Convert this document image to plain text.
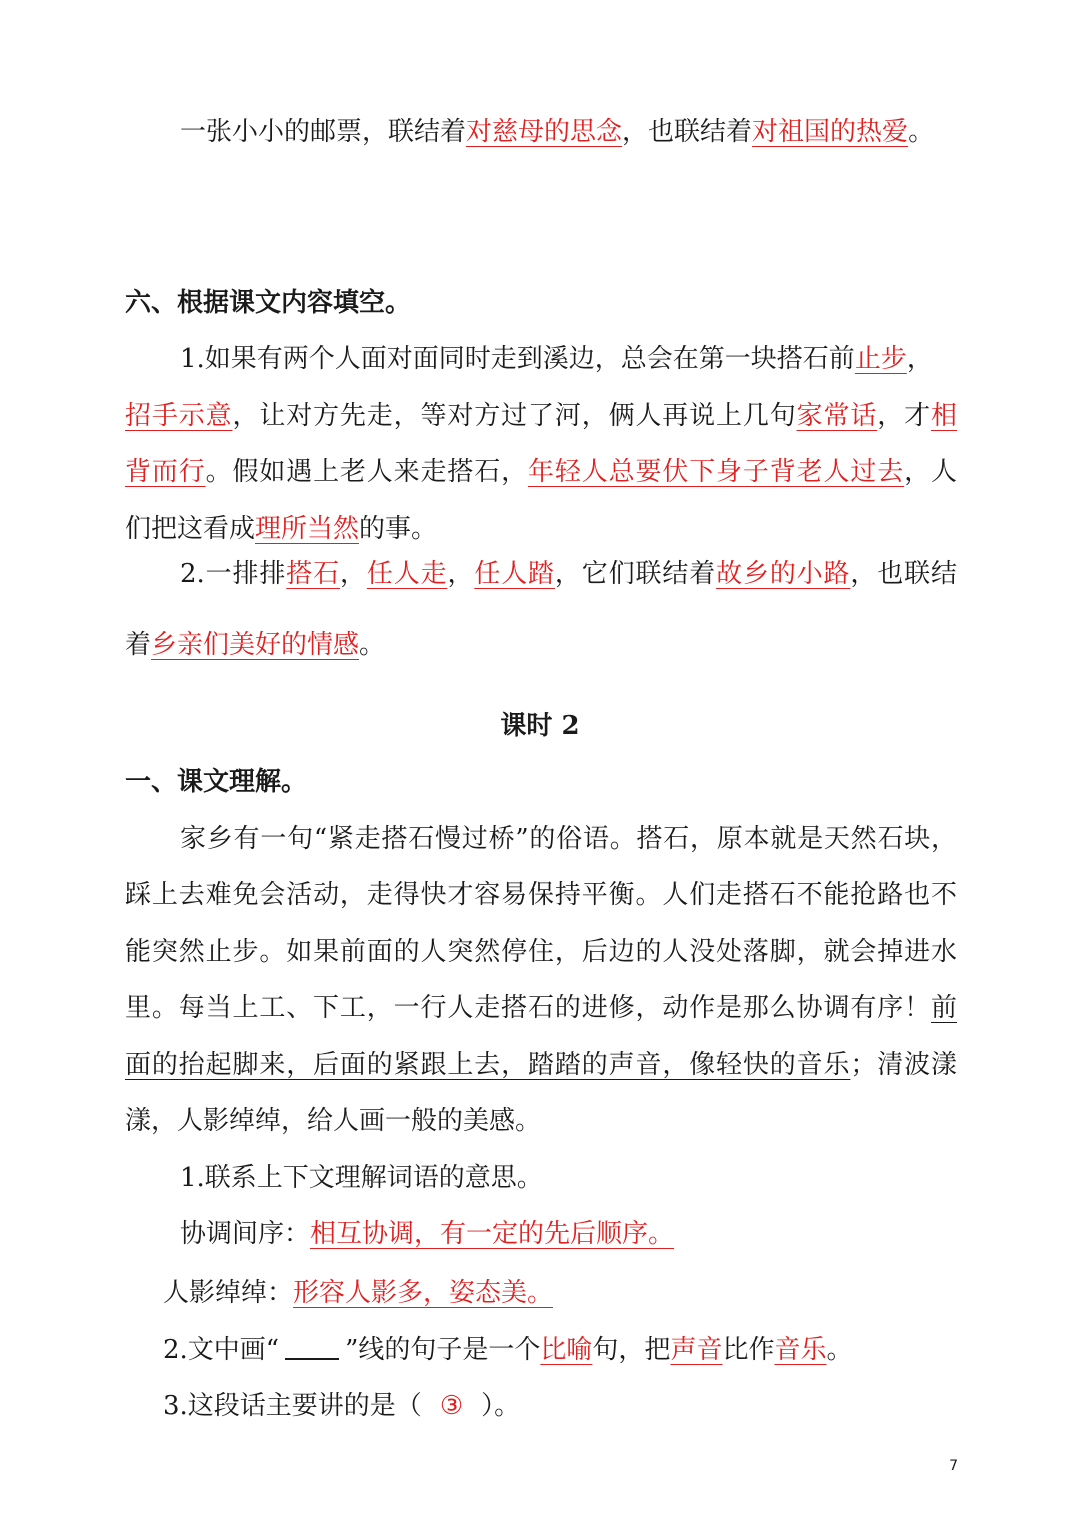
一张小小的邮票，联结着对慈母的思念，也联结着对祖国的热爱。
六、根据课文内容填空。
1.如果有两个人面对面同时走到溪边，总会在第一块搭石前止步，
招手示意，让对方先走，等对方过了河，俩人再说上几句家常话，才相
背而行。假如遇上老人来走搭石，年轻人总要伏下身子背老人过去，人
们把这看成理所当然的事。
2.一排排搭石，任人走，任人踏，它们联结着故乡的小路，也联结
着乡亲们美好的情感。
课时 2
一、课文理解。
家乡有一句“紧走搭石慢过桥”的俗语。搭石，原本就是天然石块，
踩上去难免会活动，走得快才容易保持平衡。人们走搭石不能抢路也不
能突然止步。如果前面的人突然停住，后边的人没处落脚，就会掉进水
里。每当上工、下工，一行人走搭石的进修，动作是那么协调有序！前
面的抬起脚来，后面的紧跟上去，踏踏的声音，像轻快的音乐；清波漾
漾，人影绰绰，给人画一般的美感。
1.联系上下文理解词语的意思。
协调间序：相互协调，有一定的先后顺序。
人影绰绰：形容人影多，姿态美。
2.文中画“	”线的句子是一个比喻句，把声音比作音乐。
3.这段话主要讲的是（ ③ ）。
7
